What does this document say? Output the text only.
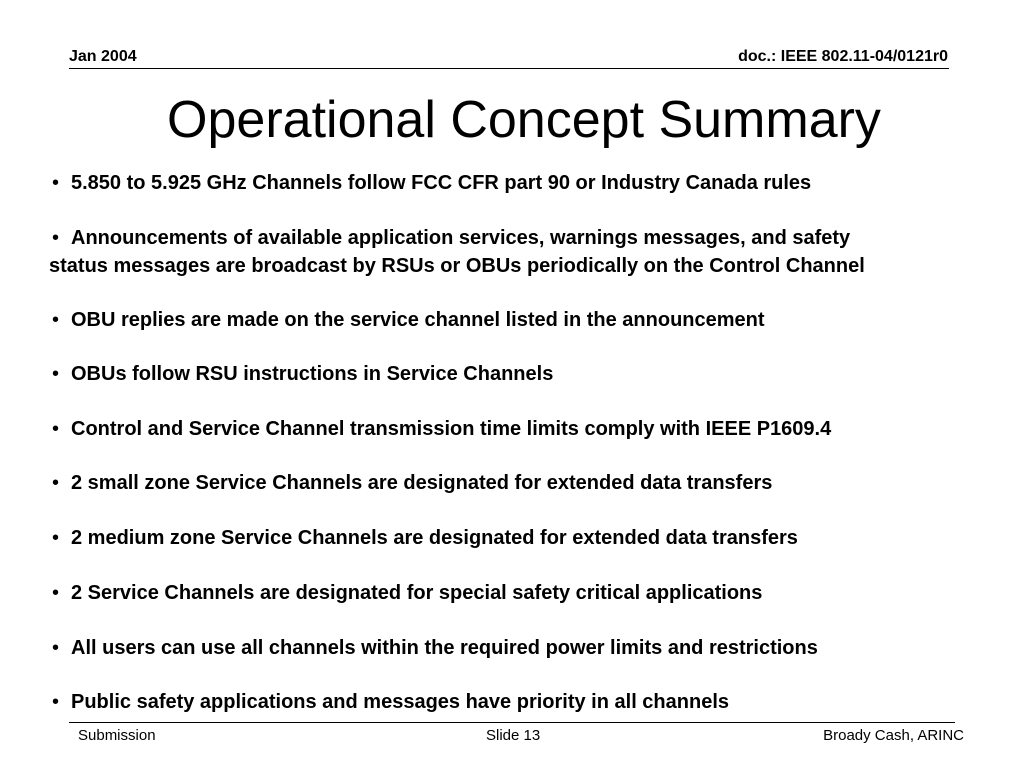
Jan 2004	doc.: IEEE 802.11-04/0121r0
Operational Concept Summary
• 5.850 to 5.925 GHz Channels follow FCC CFR part 90 or Industry Canada rules
• Announcements of available application services, warnings messages, and safety
status messages are broadcast by RSUs or OBUs periodically on the Control Channel
• OBU replies are made on the service channel listed in the announcement
• OBUs follow RSU instructions in Service Channels
• Control and Service Channel transmission time limits comply with IEEE P1609.4
• 2 small zone Service Channels are designated for extended data transfers
• 2 medium zone Service Channels are designated for extended data transfers
• 2 Service Channels are designated for special safety critical applications
• All users can use all channels within the required power limits and restrictions
• Public safety applications and messages have priority in all channels
Submission	Slide 13	Broady Cash, ARINC
